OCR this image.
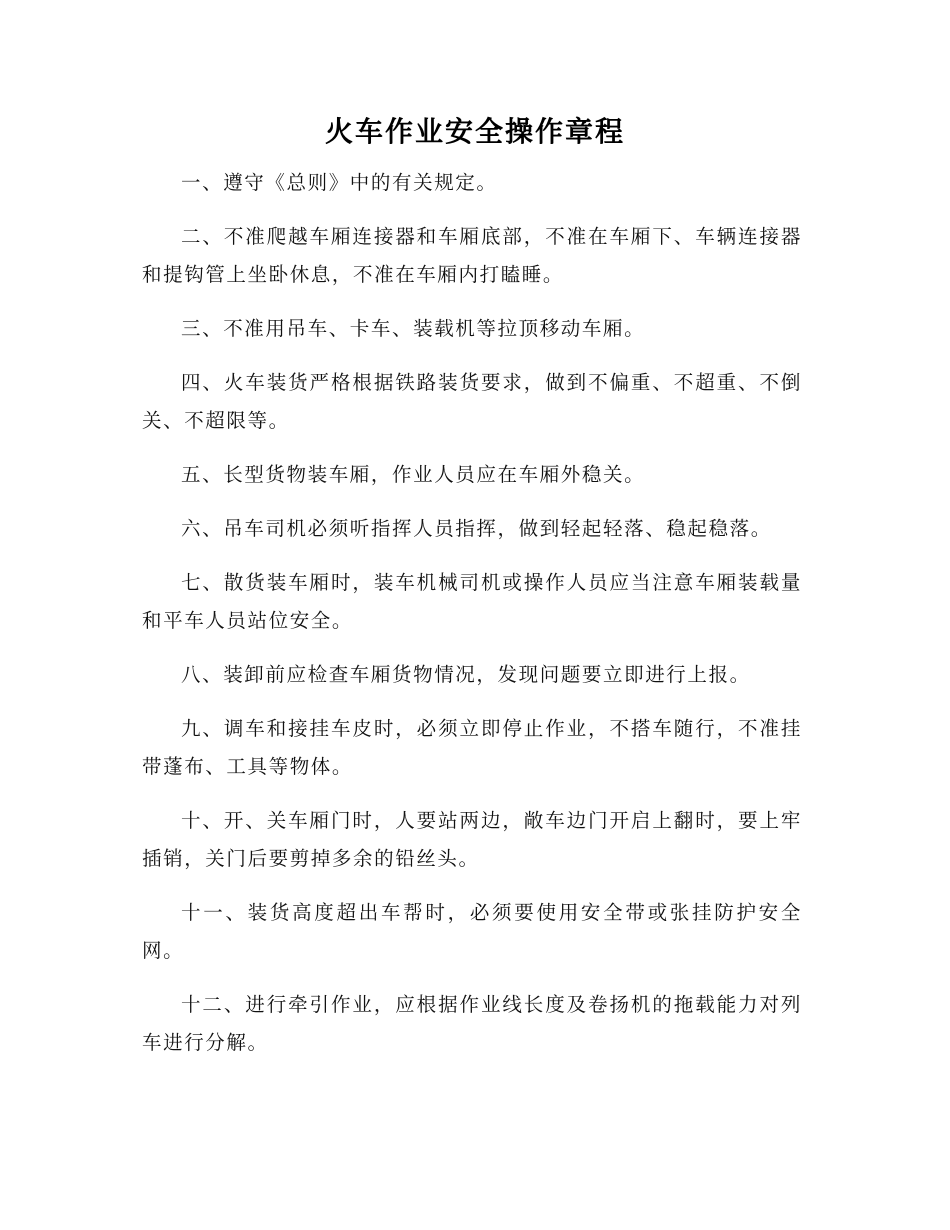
火车作业安全操作章程

一、遵守《总则》中的有关规定。

二、不准爬越车厢连接器和车厢底部，不准在车厢下、车辆连接器和提钩管上坐卧休息，不准在车厢内打瞌睡。

三、不准用吊车、卡车、装载机等拉顶移动车厢。

四、火车装货严格根据铁路装货要求，做到不偏重、不超重、不倒关、不超限等。

五、长型货物装车厢，作业人员应在车厢外稳关。

六、吊车司机必须听指挥人员指挥，做到轻起轻落、稳起稳落。

七、散货装车厢时，装车机械司机或操作人员应当注意车厢装载量和平车人员站位安全。

八、装卸前应检查车厢货物情况，发现问题要立即进行上报。

九、调车和接挂车皮时，必须立即停止作业，不搭车随行，不准挂带蓬布、工具等物体。

十、开、关车厢门时，人要站两边，敞车边门开启上翻时，要上牢插销，关门后要剪掉多余的铅丝头。

十一、装货高度超出车帮时，必须要使用安全带或张挂防护安全网。

十二、进行牵引作业，应根据作业线长度及卷扬机的拖载能力对列车进行分解。
